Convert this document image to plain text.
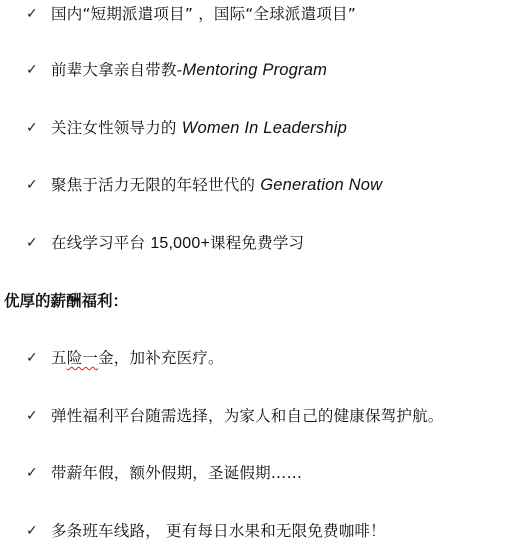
✓ 国内“短期派遣项目” ，国际“全球派遣项目”
✓ 前辈大拿亲自带教-Mentoring Program
✓ 关注女性领导力的 Women In Leadership
✓ 聚焦于活力无限的年轻世代的 Generation Now
✓ 在线学习平台 15,000+课程免费学习
优厚的薪酬福利：
✓ 五险一金，加补充医疗。
✓ 弹性福利平台随需选择，为家人和自己的健康保驾护航。
✓ 带薪年假，额外假期，圣诞假期……
✓ 多条班车线路， 更有每日水果和无限免费咖啡！
